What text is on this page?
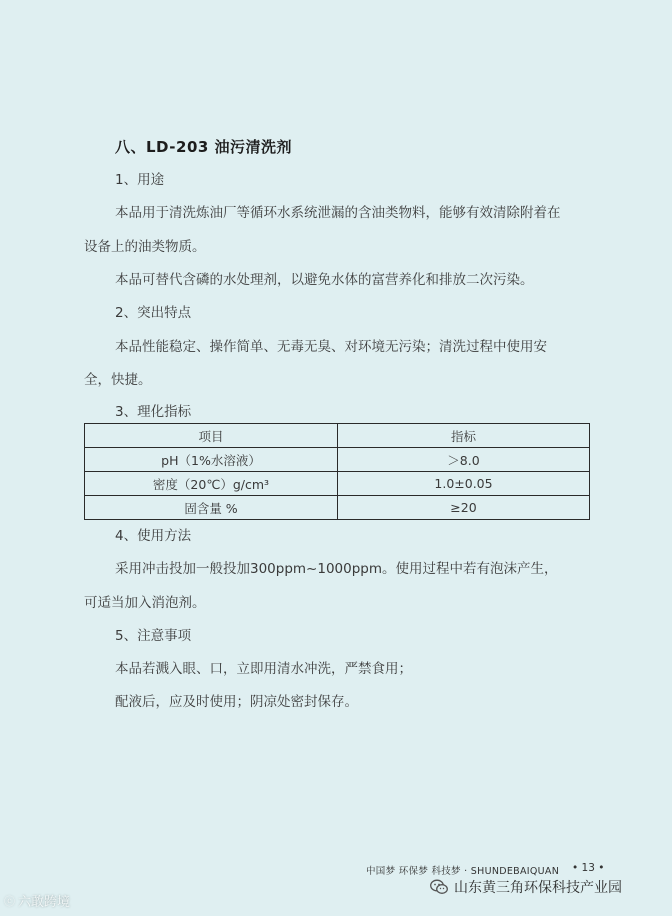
八、LD-203 油污清洗剂
1、用途
本品用于清洗炼油厂等循环水系统泄漏的含油类物料，能够有效清除附着在
设备上的油类物质。
本品可替代含磷的水处理剂，以避免水体的富营养化和排放二次污染。
2、突出特点
本品性能稳定、操作简单、无毒无臭、对环境无污染；清洗过程中使用安
全，快捷。
3、理化指标
项目	指标
pH（1%水溶液）	＞8.0
密度（20℃）g/cm³	1.0±0.05
固含量 %	≥20
4、使用方法
采用冲击投加一般投加300ppm~1000ppm。使用过程中若有泡沫产生，
可适当加入消泡剂。
5、注意事项
本品若溅入眼、口，立即用清水冲洗，严禁食用；
配液后，应及时使用；阴凉处密封保存。
中国梦 环保梦 科技梦 · SHUNDEBAIQUAN • 13 •
山东黄三角环保科技产业园
ⓒ 六敢跨境
